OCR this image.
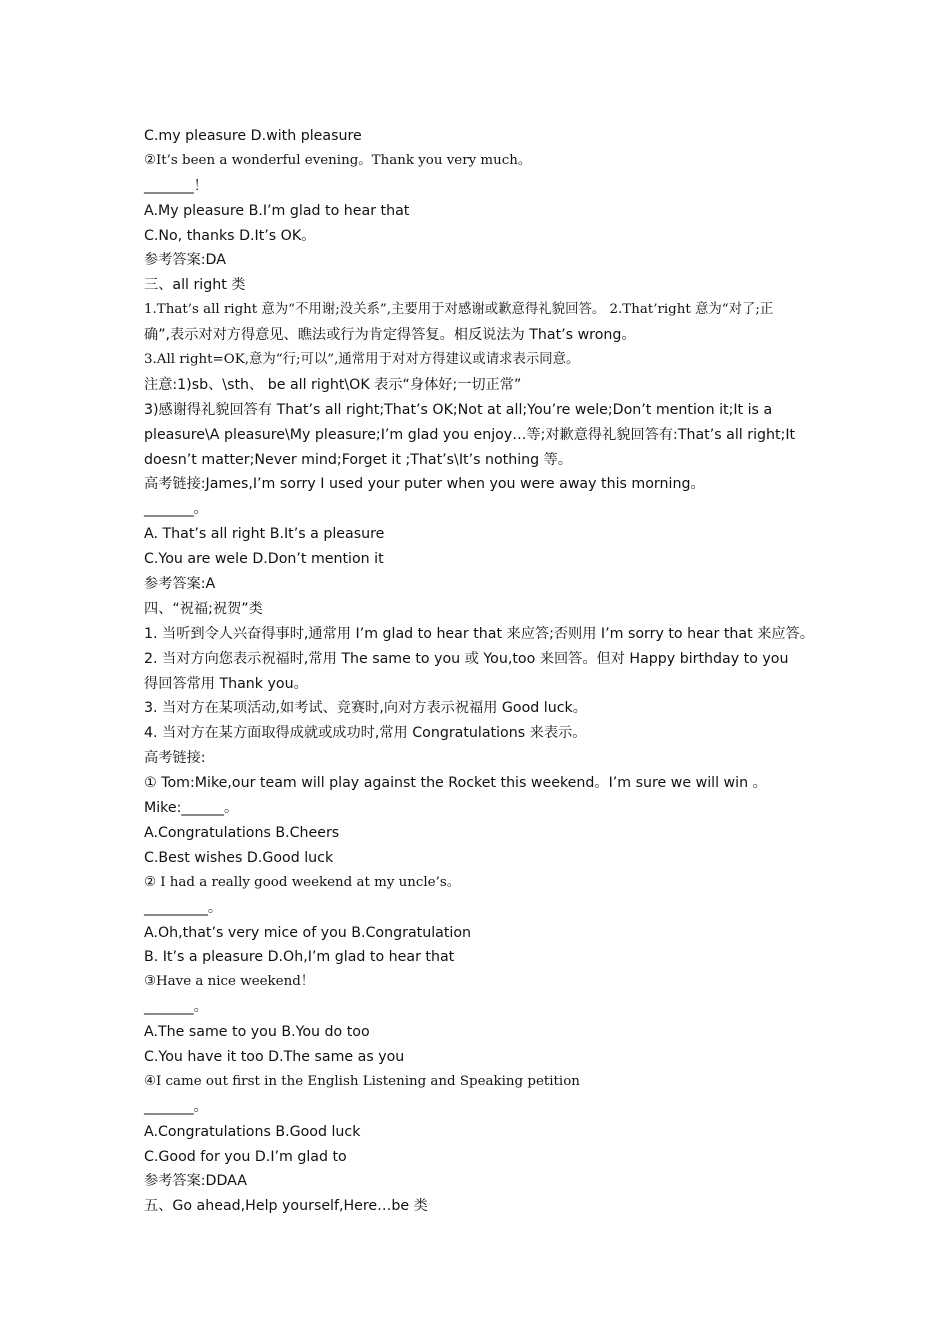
C.my pleasure D.with pleasure
②It’s been a wonderful evening。Thank you very much。
_______！
A.My pleasure B.I’m glad to hear that
C.No, thanks D.It’s OK。
参考答案:DA
三、all right 类
1.That’s all right 意为“不用谢;没关系”,主要用于对感谢或歉意得礼貌回答。 2.That’right 意为“对了;正
确”,表示对对方得意见、瞧法或行为肯定得答复。相反说法为 That’s wrong。
3.All right=OK,意为“行;可以”,通常用于对对方得建议或请求表示同意。
注意:1)sb、\sth、 be all right\OK 表示“身体好;一切正常”
3)感谢得礼貌回答有 That’s all right;That’s OK;Not at all;You’re wele;Don’t mention it;It is a
pleasure\A pleasure\My pleasure;I’m glad you enjoy…等;对歉意得礼貌回答有:That’s all right;It
doesn’t matter;Never mind;Forget it ;That’s\It’s nothing 等。
高考链接:James,I’m sorry I used your puter when you were away this morning。
_______。
A. That’s all right B.It’s a pleasure
C.You are wele D.Don’t mention it
参考答案:A
四、“祝福;祝贺”类
1. 当听到令人兴奋得事时,通常用 I’m glad to hear that 来应答;否则用 I’m sorry to hear that 来应答。
2. 当对方向您表示祝福时,常用 The same to you 或 You,too 来回答。但对 Happy birthday to you
得回答常用 Thank you。
3. 当对方在某项活动,如考试、竞赛时,向对方表示祝福用 Good luck。
4. 当对方在某方面取得成就或成功时,常用 Congratulations 来表示。
高考链接:
① Tom:Mike,our team will play against the Rocket this weekend。I’m sure we will win 。
Mike:______。
A.Congratulations B.Cheers
C.Best wishes D.Good luck
② I had a really good weekend at my uncle’s。
_________。
A.Oh,that’s very mice of you B.Congratulation
B. It’s a pleasure D.Oh,I’m glad to hear that
③Have a nice weekend！
_______。
A.The same to you B.You do too
C.You have it too D.The same as you
④I came out first in the English Listening and Speaking petition
_______。
A.Congratulations B.Good luck
C.Good for you D.I’m glad to
参考答案:DDAA
五、Go ahead,Help yourself,Here…be 类
